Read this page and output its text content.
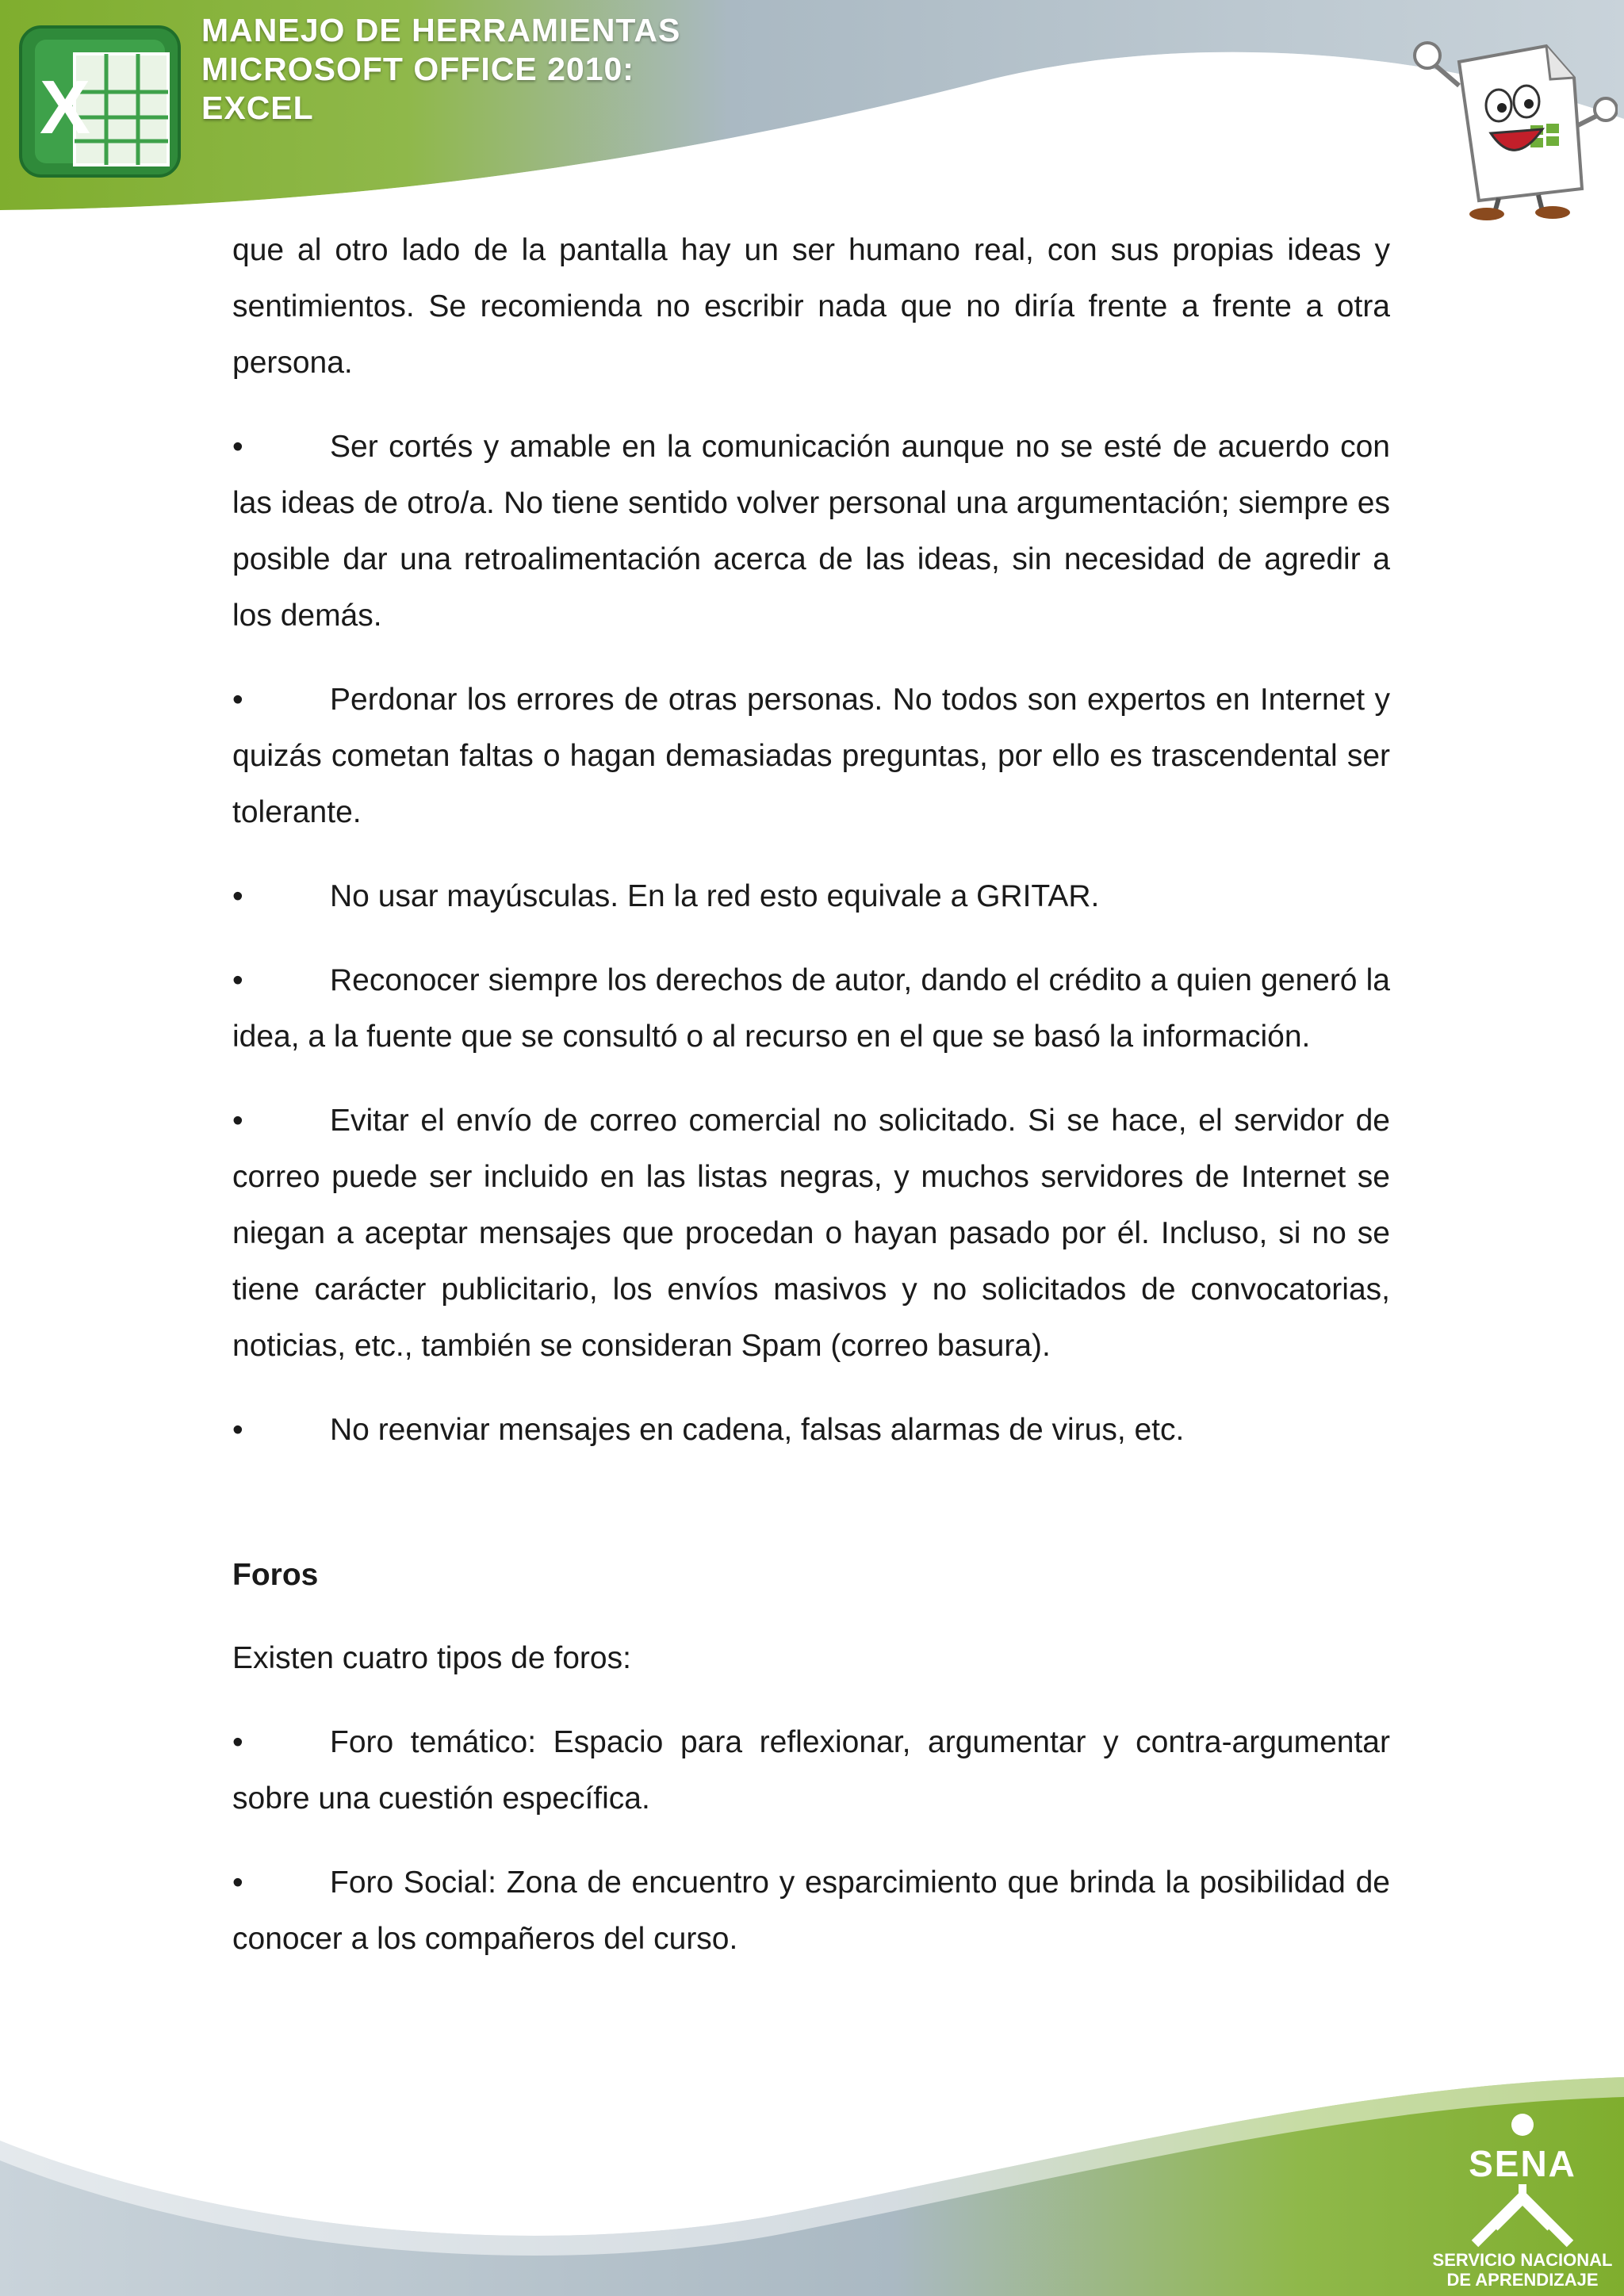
X
MANEJO DE HERRAMIENTAS
MICROSOFT OFFICE 2010:
EXCEL

que al otro lado de la pantalla hay un ser humano real, con sus propias ideas y sentimientos. Se recomienda no escribir nada que no diría frente a frente a otra persona.

•	Ser cortés y amable en la comunicación aunque no se esté de acuerdo con las ideas de otro/a. No tiene sentido volver personal una argumentación; siempre es posible dar una retroalimentación acerca de las ideas, sin necesidad de agredir a los demás.

•	Perdonar los errores de otras personas. No todos son expertos en Internet y quizás cometan faltas o hagan demasiadas preguntas, por ello es trascendental ser tolerante.

•	No usar mayúsculas. En la red esto equivale a GRITAR.

•	Reconocer siempre los derechos de autor, dando el crédito a quien generó la idea, a la fuente que se consultó o al recurso en el que se basó la información.

•	Evitar el envío de correo comercial no solicitado. Si se hace, el servidor de correo puede ser incluido en las listas negras, y muchos servidores de Internet se niegan a aceptar mensajes que procedan o hayan pasado por él. Incluso, si no se tiene carácter publicitario, los envíos masivos y no solicitados de convocatorias, noticias, etc., también se consideran Spam (correo basura).

•	No reenviar mensajes en cadena, falsas alarmas de virus, etc.

Foros

Existen cuatro tipos de foros:

•	Foro temático: Espacio para reflexionar, argumentar y contra-argumentar sobre una cuestión específica.

•	Foro Social: Zona de encuentro y esparcimiento que brinda la posibilidad de conocer a los compañeros del curso.

SENA
SERVICIO NACIONAL
DE APRENDIZAJE
